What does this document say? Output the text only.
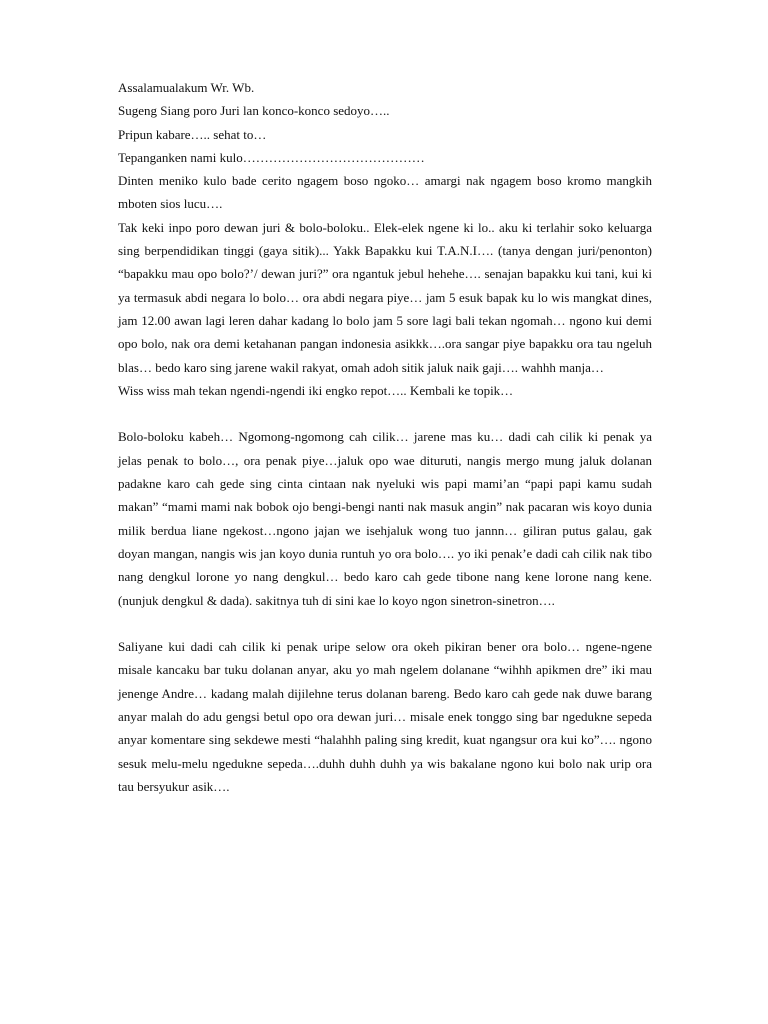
Assalamualakum Wr. Wb.

Sugeng Siang poro Juri lan konco-konco sedoyo…..

Pripun kabare….. sehat to…

Tepanganken nami kulo……………………………………

Dinten meniko kulo bade cerito ngagem boso ngoko… amargi nak ngagem boso kromo mangkih mboten sios lucu….

Tak keki inpo poro dewan juri & bolo-boloku.. Elek-elek ngene ki lo.. aku ki terlahir soko keluarga sing berpendidikan tinggi (gaya sitik)... Yakk Bapakku kui T.A.N.I…. (tanya dengan juri/penonton) “bapakku mau opo bolo?’/ dewan juri?” ora ngantuk jebul hehehe…. senajan bapakku kui tani, kui ki ya termasuk abdi negara lo bolo… ora abdi negara piye… jam 5 esuk bapak ku lo wis mangkat dines, jam 12.00 awan lagi leren dahar kadang lo bolo jam 5 sore lagi bali tekan ngomah… ngono kui demi opo bolo, nak ora demi ketahanan pangan indonesia asikkk….ora sangar piye bapakku ora tau ngeluh blas… bedo karo sing jarene wakil rakyat, omah adoh sitik jaluk naik gaji…. wahhh manja…

Wiss wiss mah tekan ngendi-ngendi iki engko repot….. Kembali ke topik…

Bolo-boloku kabeh… Ngomong-ngomong cah cilik… jarene mas ku… dadi cah cilik ki penak ya jelas penak to bolo…, ora penak piye…jaluk opo wae dituruti, nangis mergo mung jaluk dolanan padakne karo cah gede sing cinta cintaan nak nyeluki wis papi mami’an “papi papi kamu sudah makan” “mami mami nak bobok ojo bengi-bengi nanti nak masuk angin” nak pacaran wis koyo dunia milik berdua liane ngekost…ngono jajan we isehjaluk wong tuo jannn… giliran putus galau, gak doyan mangan, nangis wis jan koyo dunia runtuh yo ora bolo…. yo iki penak’e dadi cah cilik nak tibo nang dengkul lorone yo nang dengkul… bedo karo cah gede tibone nang kene lorone nang kene. (nunjuk dengkul & dada). sakitnya tuh di sini kae lo koyo ngon sinetron-sinetron….

Saliyane kui dadi cah cilik ki penak uripe selow ora okeh pikiran bener ora bolo… ngene-ngene misale kancaku bar tuku dolanan anyar, aku yo mah ngelem dolanane “wihhh apikmen dre” iki mau jenenge Andre… kadang malah dijilehne terus dolanan bareng. Bedo karo cah gede nak duwe barang anyar malah do adu gengsi betul opo ora dewan juri… misale enek tonggo sing bar ngedukne sepeda anyar komentare sing sekdewe mesti “halahhh paling sing kredit, kuat ngangsur ora kui ko”…. ngono sesuk melu-melu ngedukne sepeda….duhh duhh duhh ya wis bakalane ngono kui bolo nak urip ora tau bersyukur asik….
